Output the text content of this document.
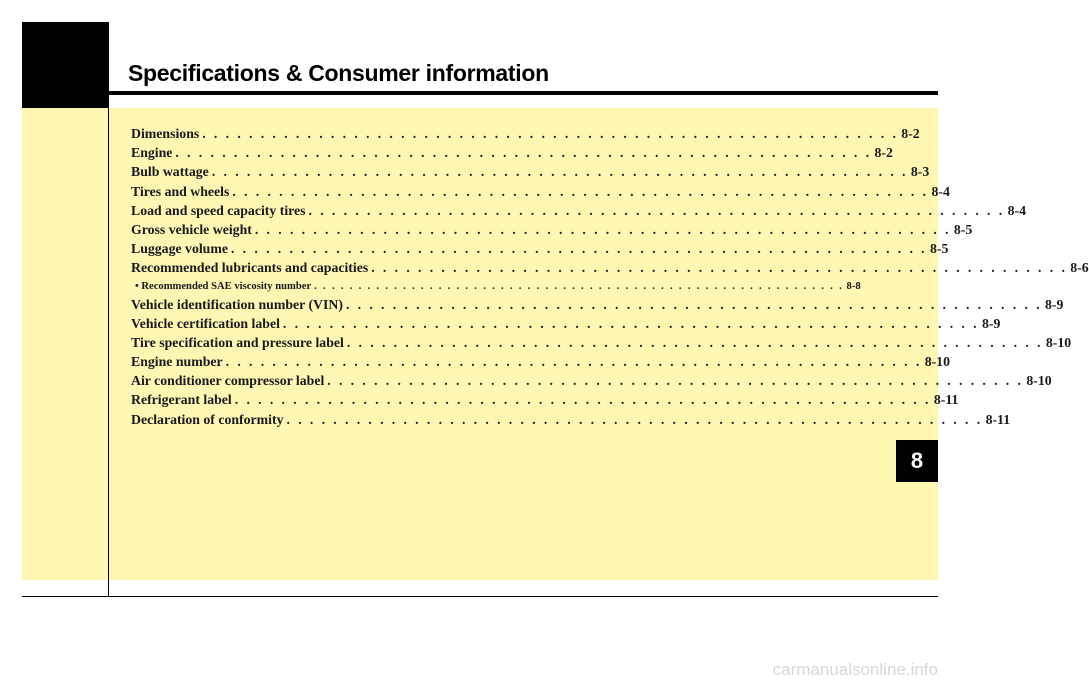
Specifications & Consumer information
Dimensions . . . . . . . . . . . . . . . . . . . . . . . . . . . . . . . . . . . . . . . . . . . . . . . . . . . . . . . . . . . . 8-2
Engine . . . . . . . . . . . . . . . . . . . . . . . . . . . . . . . . . . . . . . . . . . . . . . . . . . . . . . . . . . . . 8-2
Bulb wattage . . . . . . . . . . . . . . . . . . . . . . . . . . . . . . . . . . . . . . . . . . . . . . . . . . . . . . . . . . . . 8-3
Tires and wheels . . . . . . . . . . . . . . . . . . . . . . . . . . . . . . . . . . . . . . . . . . . . . . . . . . . . . . . . . . . . 8-4
Load and speed capacity tires . . . . . . . . . . . . . . . . . . . . . . . . . . . . . . . . . . . . . . . . . . . . . . . . . . . . . . . . . . . . 8-4
Gross vehicle weight . . . . . . . . . . . . . . . . . . . . . . . . . . . . . . . . . . . . . . . . . . . . . . . . . . . . . . . . . . . . 8-5
Luggage volume . . . . . . . . . . . . . . . . . . . . . . . . . . . . . . . . . . . . . . . . . . . . . . . . . . . . . . . . . . . . 8-5
Recommended lubricants and capacities . . . . . . . . . . . . . . . . . . . . . . . . . . . . . . . . . . . . . . . . . . . . . . . . . . . . . . . . . . . . 8-6
• Recommended SAE viscosity number . . . . . . . . . . . . . . . . . . . . . . . . . . . . . . . . . . . . . . . . . . . . . . . . . . . . . . . . . . . . 8-8
Vehicle identification number (VIN) . . . . . . . . . . . . . . . . . . . . . . . . . . . . . . . . . . . . . . . . . . . . . . . . . . . . . . . . . . . . 8-9
Vehicle certification label . . . . . . . . . . . . . . . . . . . . . . . . . . . . . . . . . . . . . . . . . . . . . . . . . . . . . . . . . . . . 8-9
Tire specification and pressure label . . . . . . . . . . . . . . . . . . . . . . . . . . . . . . . . . . . . . . . . . . . . . . . . . . . . . . . . . . . . 8-10
Engine number . . . . . . . . . . . . . . . . . . . . . . . . . . . . . . . . . . . . . . . . . . . . . . . . . . . . . . . . . . . . 8-10
Air conditioner compressor label . . . . . . . . . . . . . . . . . . . . . . . . . . . . . . . . . . . . . . . . . . . . . . . . . . . . . . . . . . . . 8-10
Refrigerant label . . . . . . . . . . . . . . . . . . . . . . . . . . . . . . . . . . . . . . . . . . . . . . . . . . . . . . . . . . . . 8-11
Declaration of conformity . . . . . . . . . . . . . . . . . . . . . . . . . . . . . . . . . . . . . . . . . . . . . . . . . . . . . . . . . . . . 8-11
8
carmanualsonline.info
